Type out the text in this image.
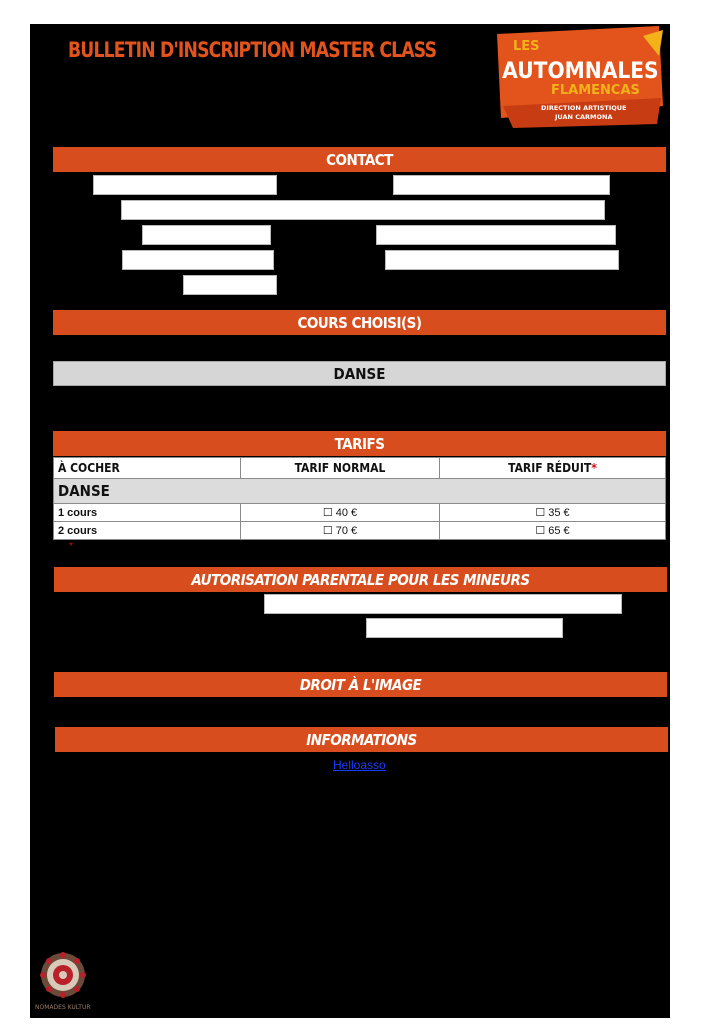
BULLETIN D'INSCRIPTION MASTER CLASS	LES
AUTOMNALES
FLAMENCAS
DIRECTION ARTISTIQUE
JUAN CARMONA
CONTACT
COURS CHOISI(S)
DANSE
TARIFS
À COCHER	TARIF NORMAL	TARIF RÉDUIT*
DANSE		
1 cours	☐ 40 €	☐ 35 €
2 cours	☐ 70 €	☐ 65 €
*
AUTORISATION PARENTALE POUR LES MINEURS
DROIT À L'IMAGE
INFORMATIONS
Helloasso
NOMADES KULTUR
